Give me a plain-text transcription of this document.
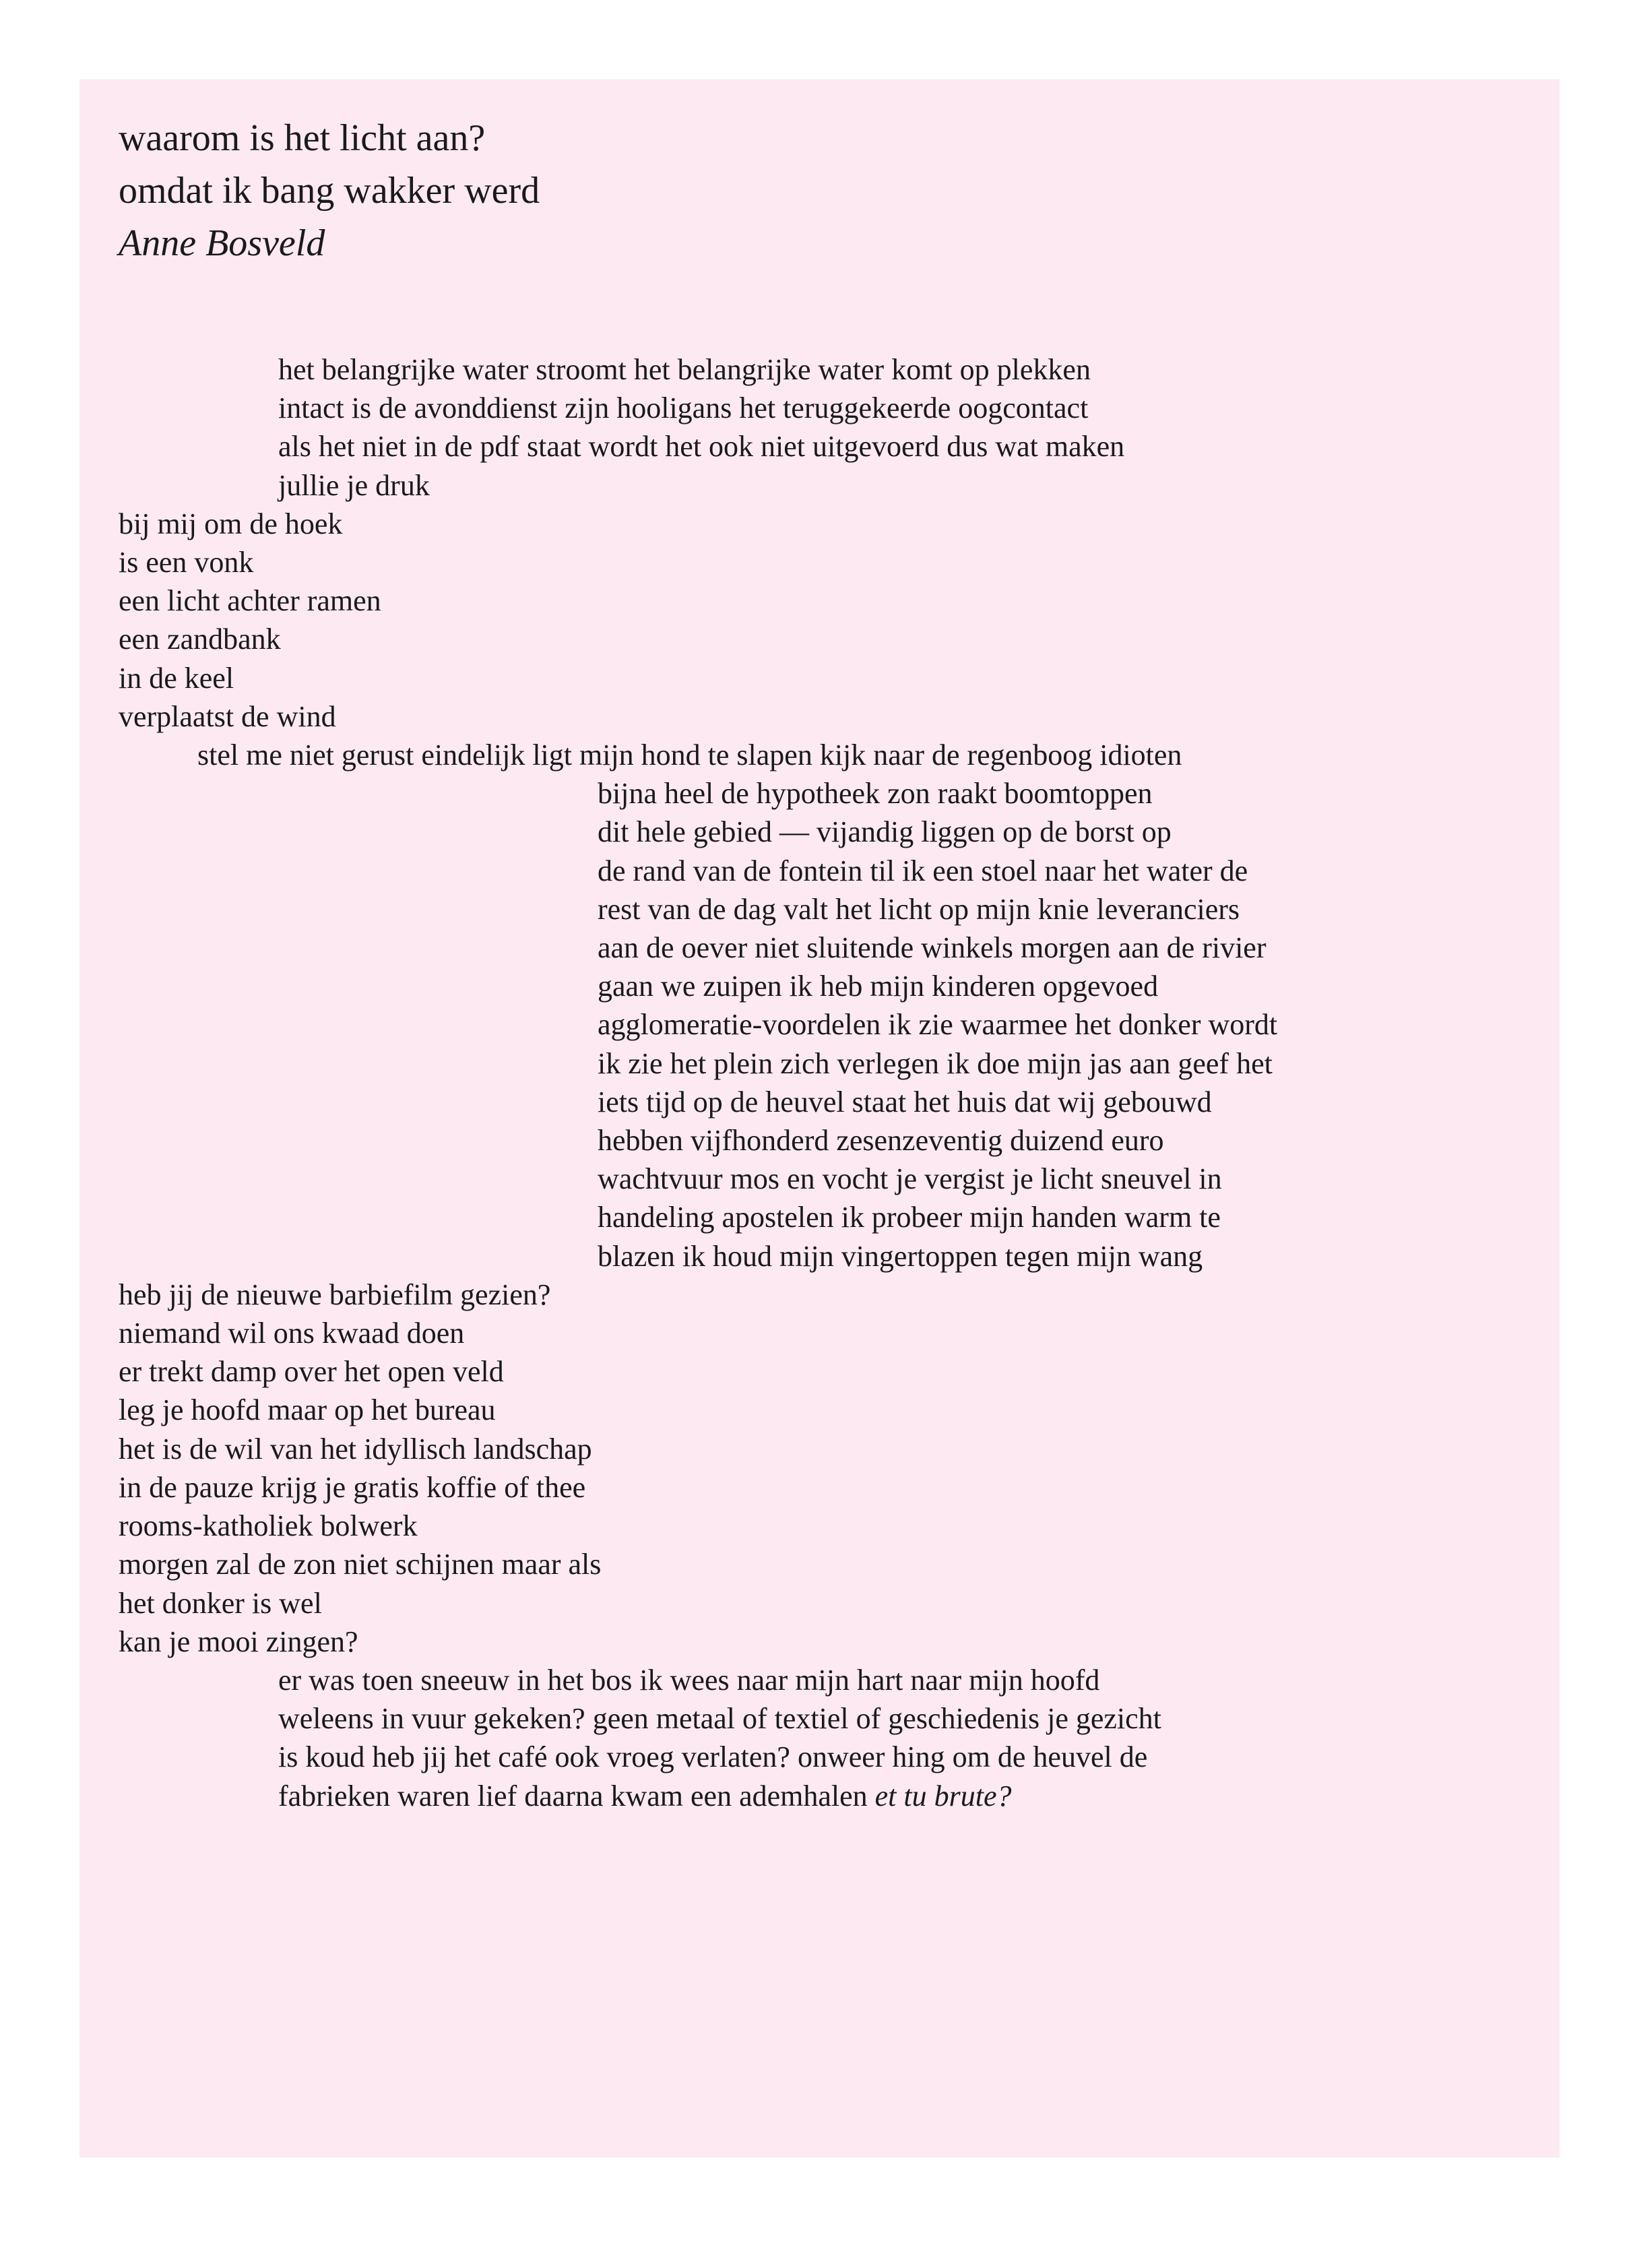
waarom is het licht aan?
omdat ik bang wakker werd
Anne Bosveld
het belangrijke water stroomt het belangrijke water komt op plekken
intact is de avonddienst zijn hooligans het teruggekeerde oogcontact
als het niet in de pdf staat wordt het ook niet uitgevoerd dus wat maken
jullie je druk
bij mij om de hoek
is een vonk
een licht achter ramen
een zandbank
in de keel
verplaatst de wind
stel me niet gerust eindelijk ligt mijn hond te slapen kijk naar de regenboog idioten
bijna heel de hypotheek zon raakt boomtoppen
dit hele gebied — vijandig liggen op de borst op
de rand van de fontein til ik een stoel naar het water de
rest van de dag valt het licht op mijn knie leveranciers
aan de oever niet sluitende winkels morgen aan de rivier
gaan we zuipen ik heb mijn kinderen opgevoed
agglomeratie-voordelen ik zie waarmee het donker wordt
ik zie het plein zich verlegen ik doe mijn jas aan geef het
iets tijd op de heuvel staat het huis dat wij gebouwd
hebben vijfhonderd zesenzeventig duizend euro
wachtvuur mos en vocht je vergist je licht sneuvel in
handeling apostelen ik probeer mijn handen warm te
blazen ik houd mijn vingertoppen tegen mijn wang
heb jij de nieuwe barbiefilm gezien?
niemand wil ons kwaad doen
er trekt damp over het open veld
leg je hoofd maar op het bureau
het is de wil van het idyllisch landschap
in de pauze krijg je gratis koffie of thee
rooms-katholiek bolwerk
morgen zal de zon niet schijnen maar als
het donker is wel
kan je mooi zingen?
er was toen sneeuw in het bos ik wees naar mijn hart naar mijn hoofd
weleens in vuur gekeken? geen metaal of textiel of geschiedenis je gezicht
is koud heb jij het café ook vroeg verlaten? onweer hing om de heuvel de
fabrieken waren lief daarna kwam een ademhalen et tu brute?
